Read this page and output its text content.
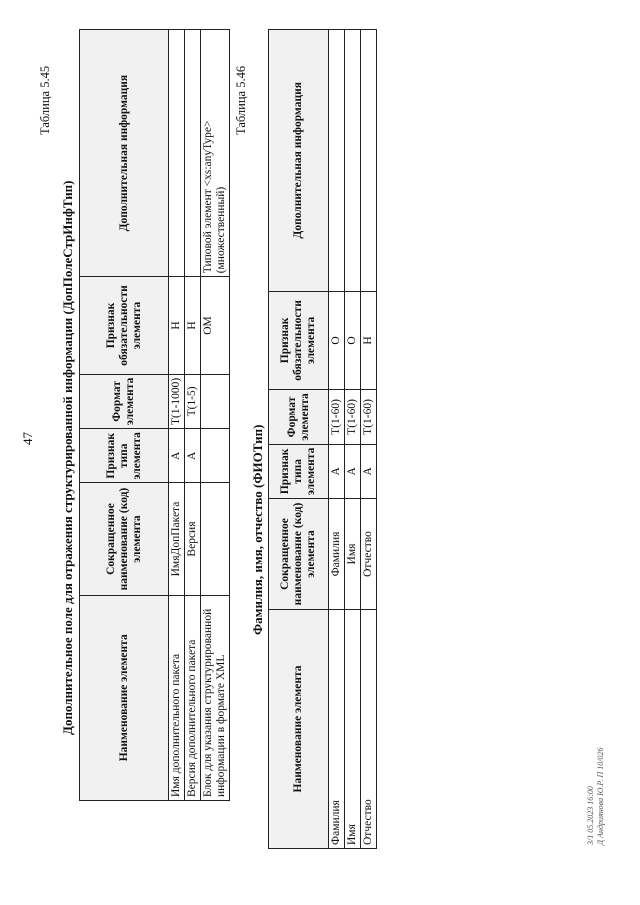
47
Таблица 5.45
Дополнительное поле для отражения структурированной информации (ДопПолеСтрИнфТип)	Наименование элемента	Сокращенное наименование (код) элемента	Признак типа элемента	Формат элемента	Признак обязательности элемента	Дополнительная информация
Имя дополнительного пакета	ИмяДопПакета	А	T(1-1000)	Н	
Версия дополнительного пакета	Версия	А	T(1-5)	Н	
Блок для указания структурированной информации в формате XML				ОМ	Типовой элемент <xs:anyType> (множественный)
Таблица 5.46
Фамилия, имя, отчество (ФИОТип)
Наименование элемента	Сокращенное наименование (код) элемента	Признак типа элемента	Формат элемента	Признак обязательности элемента	Дополнительная информация
Фамилия	Фамилия	А	T(1-60)	О	
Имя	Имя	А	T(1-60)	О	
Отчество	Отчество	А	T(1-60)	Н	
3/1 05.2023 16:00 Д Андриянова Ю.Р. П 10/026
